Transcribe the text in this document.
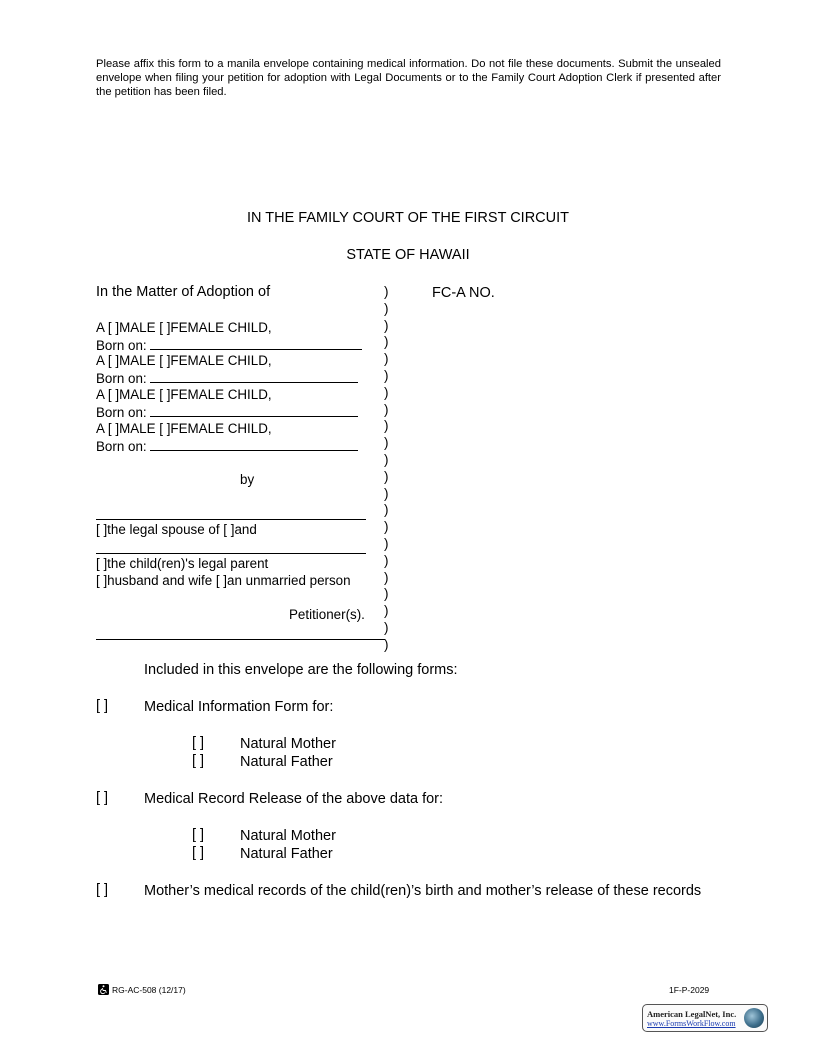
Please affix this form to a manila envelope containing medical information. Do not file these documents. Submit the unsealed envelope when filing your petition for adoption with Legal Documents or to the Family Court Adoption Clerk if presented after the petition has been filed.
IN THE FAMILY COURT OF THE FIRST CIRCUIT
STATE OF HAWAII
In the Matter of Adoption of
A [ ]MALE [ ]FEMALE CHILD,
Born on:
A [ ]MALE [ ]FEMALE CHILD,
Born on:
A [ ]MALE [ ]FEMALE CHILD,
Born on:
A [ ]MALE [ ]FEMALE CHILD,
Born on:
by
[ ]the legal spouse of [ ]and
[ ]the child(ren)'s legal parent
[ ]husband and wife [ ]an unmarried person
Petitioner(s).
)
)
)
)
)
)
)
)
)
)
)
)
)
)
)
)
)
)
)
)
)
)
FC-A NO.
Included in this envelope are the following forms:
[ ] Medical Information Form for:
[ ] Natural Mother
[ ] Natural Father
[ ] Medical Record Release of the above data for:
[ ] Natural Mother
[ ] Natural Father
[ ] Mother’s medical records of the child(ren)’s birth and mother’s release of these records
RG-AC-508 (12/17)	1F-P-2029
American LegalNet, Inc.
www.FormsWorkFlow.com
